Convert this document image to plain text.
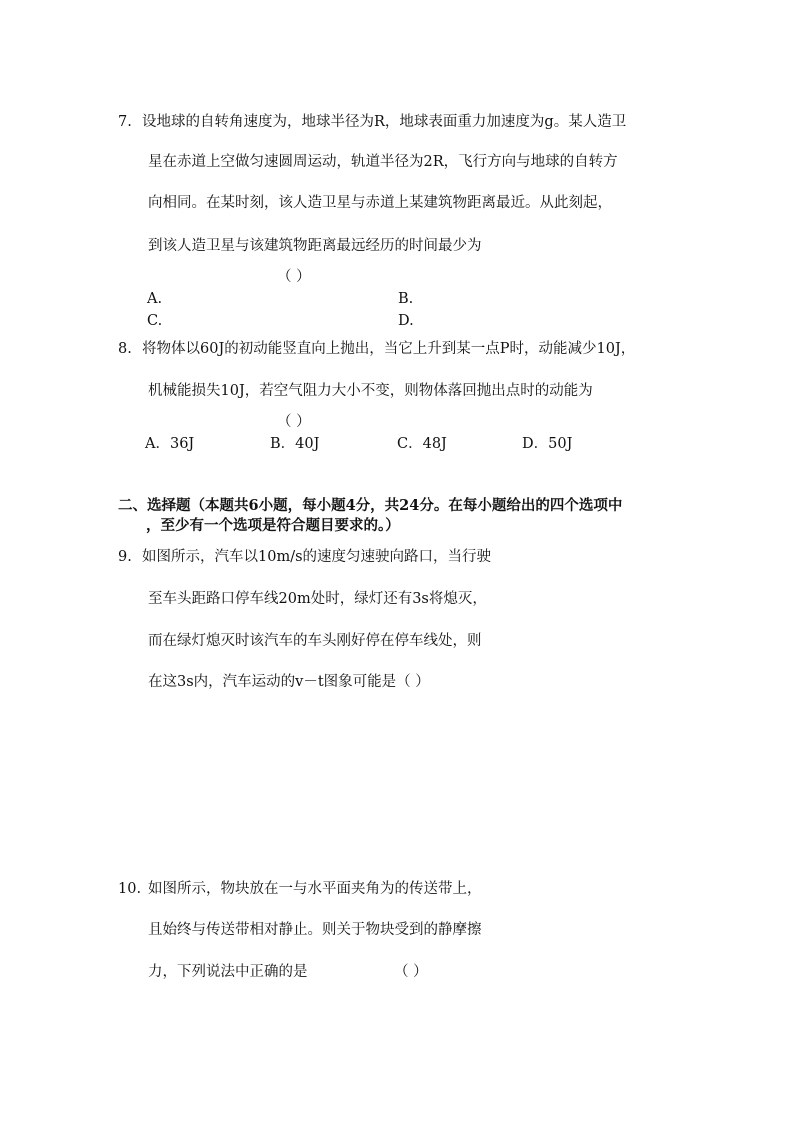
7. 设地球的自转角速度为，地球半径为R，地球表面重力加速度为g。某人造卫
星在赤道上空做匀速圆周运动，轨道半径为2R，飞行方向与地球的自转方
向相同。在某时刻，该人造卫星与赤道上某建筑物距离最近。从此刻起，
到该人造卫星与该建筑物距离最远经历的时间最少为
（ ）
A.	B.
C.	D.
8. 将物体以60J的初动能竖直向上抛出，当它上升到某一点P时，动能减少10J，
机械能损失10J，若空气阻力大小不变，则物体落回抛出点时的动能为
（ ）
A．36J	B．40J	C．48J	D．50J
二、选择题（本题共6小题，每小题4分，共24分。在每小题给出的四个选项中
，至少有一个选项是符合题目要求的。）
9. 如图所示，汽车以10m/s的速度匀速驶向路口，当行驶
至车头距路口停车线20m处时，绿灯还有3s将熄灭，
而在绿灯熄灭时该汽车的车头刚好停在停车线处，则
在这3s内，汽车运动的v－t图象可能是（ ）
10. 如图所示，物块放在一与水平面夹角为的传送带上，
且始终与传送带相对静止。则关于物块受到的静摩擦
力，下列说法中正确的是	（ ）
